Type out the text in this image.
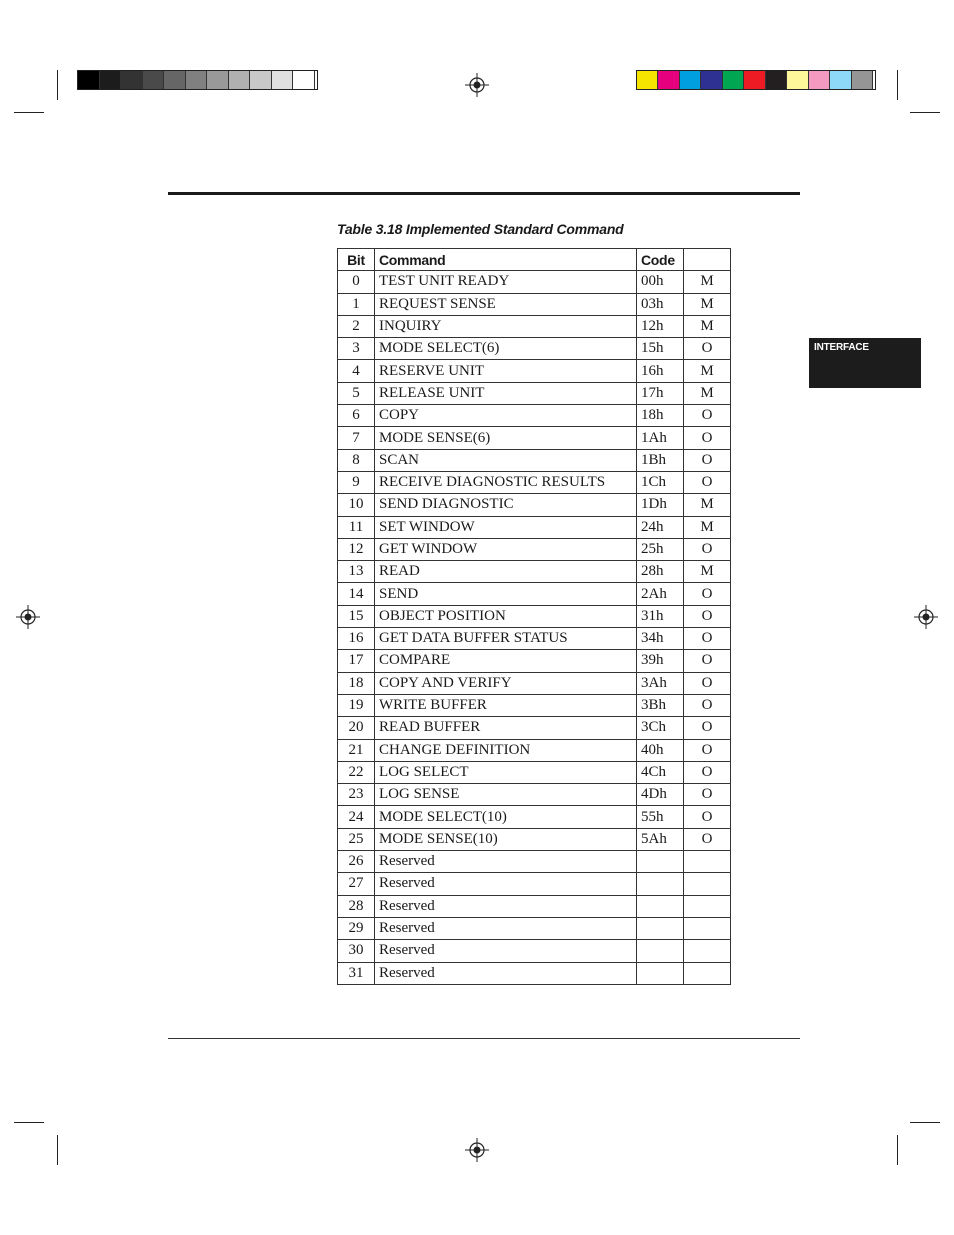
Table 3.18 Implemented Standard Command
INTERFACE
Bit	Command	Code	
0	TEST UNIT READY	00h	M
1	REQUEST SENSE	03h	M
2	INQUIRY	12h	M
3	MODE SELECT(6)	15h	O
4	RESERVE UNIT	16h	M
5	RELEASE UNIT	17h	M
6	COPY	18h	O
7	MODE SENSE(6)	1Ah	O
8	SCAN	1Bh	O
9	RECEIVE DIAGNOSTIC RESULTS	1Ch	O
10	SEND DIAGNOSTIC	1Dh	M
11	SET WINDOW	24h	M
12	GET WINDOW	25h	O
13	READ	28h	M
14	SEND	2Ah	O
15	OBJECT POSITION	31h	O
16	GET DATA BUFFER STATUS	34h	O
17	COMPARE	39h	O
18	COPY AND VERIFY	3Ah	O
19	WRITE BUFFER	3Bh	O
20	READ BUFFER	3Ch	O
21	CHANGE DEFINITION	40h	O
22	LOG SELECT	4Ch	O
23	LOG SENSE	4Dh	O
24	MODE SELECT(10)	55h	O
25	MODE SENSE(10)	5Ah	O
26	Reserved		
27	Reserved		
28	Reserved		
29	Reserved		
30	Reserved		
31	Reserved		
